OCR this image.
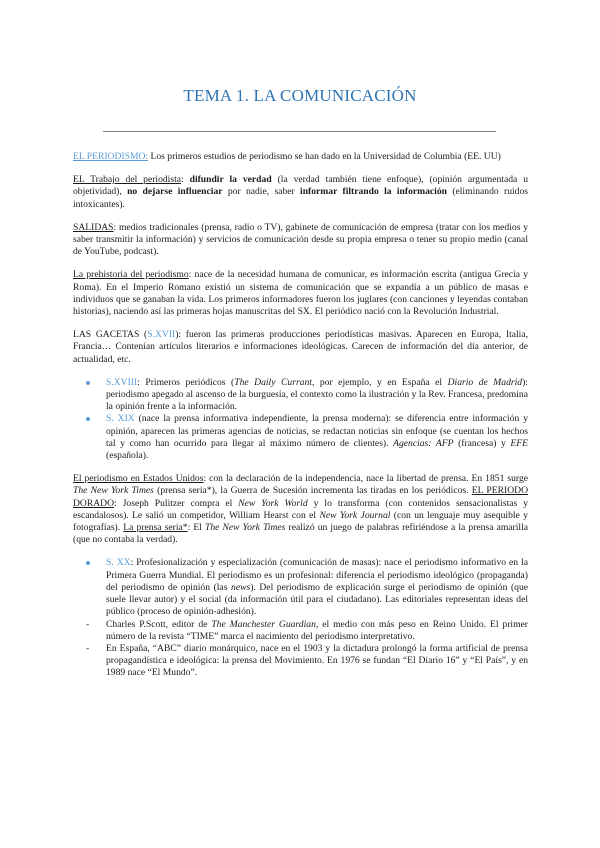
TEMA 1. LA COMUNICACIÓN

EL PERIODISMO: Los primeros estudios de periodismo se han dado en la Universidad de Columbia (EE. UU)

EL Trabajo del periodista: difundir la verdad (la verdad también tiene enfoque), (opinión argumentada u objetividad), no dejarse influenciar por nadie, saber informar filtrando la información (eliminando ruidos intoxicantes).

SALIDAS: medios tradicionales (prensa, radio o TV), gabinete de comunicación de empresa (tratar con los medios y saber transmitir la información) y servicios de comunicación desde su propia empresa o tener su propio medio (canal de YouTube, podcast).

La prehistoria del periodismo: nace de la necesidad humana de comunicar, es información escrita (antigua Grecia y Roma). En el Imperio Romano existió un sistema de comunicación que se expandía a un público de masas e individuos que se ganaban la vida. Los primeros informadores fueron los juglares (con canciones y leyendas contaban historias), naciendo así las primeras hojas manuscritas del SX. El periódico nació con la Revolución Industrial.

LAS GACETAS (S.XVII): fueron las primeras producciones periodísticas masivas. Aparecen en Europa, Italia, Francia… Contenían artículos literarios e informaciones ideológicas. Carecen de información del día anterior, de actualidad, etc.

S.XVIII: Primeros periódicos (The Daily Currant, por ejemplo, y en España el Diario de Madrid): periodismo apegado al ascenso de la burguesía, el contexto como la ilustración y la Rev. Francesa, predomina la opinión frente a la información.
S. XIX (nace la prensa informativa independiente, la prensa moderna): se diferencia entre información y opinión, aparecen las primeras agencias de noticias, se redactan noticias sin enfoque (se cuentan los hechos tal y como han ocurrido para llegar al máximo número de clientes). Agencias: AFP (francesa) y EFE (española).

El periodismo en Estados Unidos: con la declaración de la independencia, nace la libertad de prensa. En 1851 surge The New York Times (prensa seria*), la Guerra de Sucesión incrementa las tiradas en los periódicos. EL PERIODO DORADO: Joseph Pulitzer compra el New York World y lo transforma (con contenidos sensacionalistas y escandalosos). Le salió un competidor, William Hearst con el New York Journal (con un lenguaje muy asequible y fotografías). La prensa seria*: El The New York Times realizó un juego de palabras refiriéndose a la prensa amarilla (que no contaba la verdad).

S. XX: Profesionalización y especialización (comunicación de masas): nace el periodismo informativo en la Primera Guerra Mundial. El periodismo es un profesional: diferencia el periodismo ideológico (propaganda) del periodismo de opinión (las news). Del periodismo de explicación surge el periodismo de opinión (que suele llevar autor) y el social (da información útil para el ciudadano). Las editoriales representan ideas del público (proceso de opinión-adhesión).
- Charles P.Scott, editor de The Manchester Guardian, el medio con más peso en Reino Unido. El primer número de la revista “TIME” marca el nacimiento del periodismo interpretativo.
- En España, “ABC” diario monárquico, nace en el 1903 y la dictadura prolongó la forma artificial de prensa propagandística e ideológica: la prensa del Movimiento. En 1976 se fundan “El Diario 16” y “El País”, y en 1989 nace “El Mundo”.
